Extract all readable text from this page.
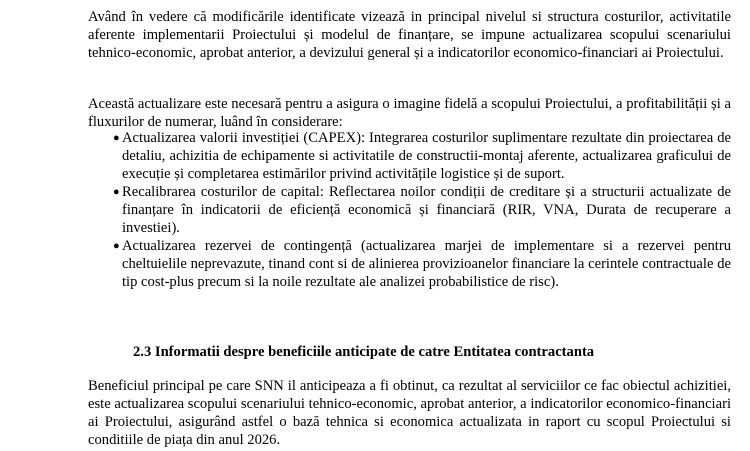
Având în vedere că modificările identificate vizează in principal nivelul si structura costurilor, activitatile aferente implementarii Proiectului și modelul de finanțare, se impune actualizarea scopului scenariului tehnico-economic, aprobat anterior, a devizului general și a indicatorilor economico-financiari ai Proiectului.

Această actualizare este necesară pentru a asigura o imagine fidelă a scopului Proiectului, a profitabilității și a fluxurilor de numerar, luând în considerare:

● Actualizarea valorii investiției (CAPEX): Integrarea costurilor suplimentare rezultate din proiectarea de detaliu, achizitia de echipamente si activitatile de constructii-montaj aferente, actualizarea graficului de execuție și completarea estimărilor privind activitățile logistice și de suport.
● Recalibrarea costurilor de capital: Reflectarea noilor condiții de creditare și a structurii actualizate de finanțare în indicatorii de eficiență economică și financiară (RIR, VNA, Durata de recuperare a investiei).
● Actualizarea rezervei de contingență (actualizarea marjei de implementare si a rezervei pentru cheltuielile neprevazute, tinand cont si de alinierea provizioanelor financiare la cerintele contractuale de tip cost-plus precum si la noile rezultate ale analizei probabilistice de risc).

2.3 Informatii despre beneficiile anticipate de catre Entitatea contractanta

Beneficiul principal pe care SNN il anticipeaza a fi obtinut, ca rezultat al serviciilor ce fac obiectul achizitiei, este actualizarea scopului scenariului tehnico-economic, aprobat anterior, a indicatorilor economico-financiari ai Proiectului, asigurând astfel o bază tehnica si economica actualizata in raport cu scopul Proiectului si conditiile de piața din anul 2026.
